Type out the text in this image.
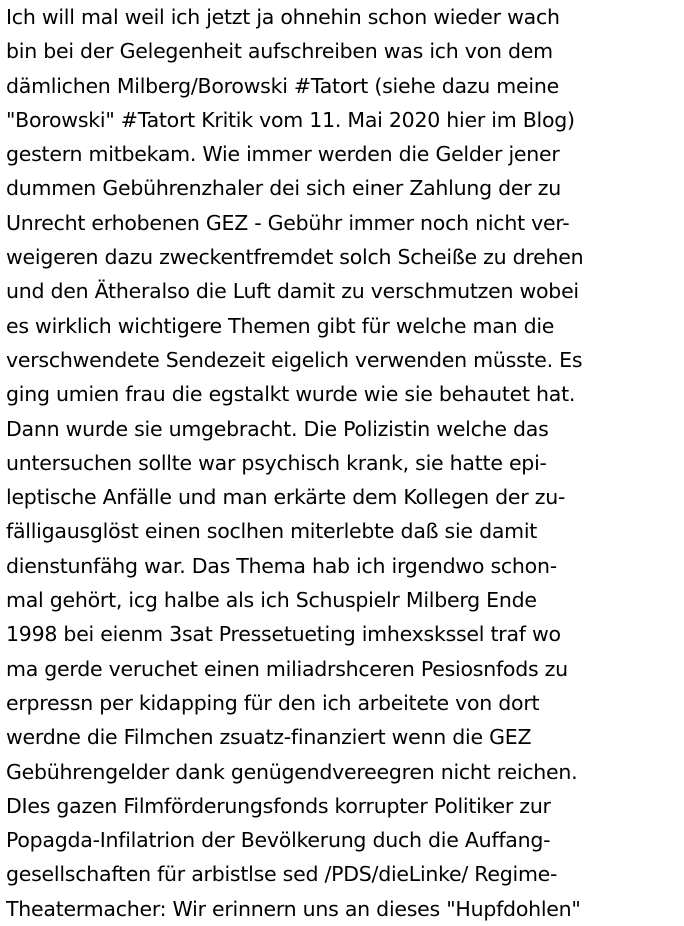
Ich will mal weil ich jetzt ja ohnehin schon wieder wach
bin bei der Gelegenheit aufschreiben was ich von dem
dämlichen Milberg/Borowski #Tatort (siehe dazu meine
"Borowski" #Tatort Kritik vom 11. Mai 2020 hier im Blog)
gestern mitbekam. Wie immer werden die Gelder jener
dummen Gebührenzhaler dei sich einer Zahlung der zu
Unrecht erhobenen GEZ - Gebühr immer noch nicht ver-
weigeren dazu zweckentfremdet solch Scheiße zu drehen
und den Ätheralso die Luft damit zu verschmutzen wobei
es wirklich wichtigere Themen gibt für welche man die
verschwendete Sendezeit eigelich verwenden müsste. Es
ging umien frau die egstalkt wurde wie sie behautet hat.
Dann wurde sie umgebracht. Die Polizistin welche das
untersuchen sollte war psychisch krank, sie hatte epi-
leptische Anfälle und man erkärte dem Kollegen der zu-
fälligausglöst einen soclhen miterlebte daß sie damit
dienstunfähg war. Das Thema hab ich irgendwo schon-
mal gehört, icg halbe als ich Schuspielr Milberg Ende
1998 bei eienm 3sat Pressetueting imhexskssel traf wo
ma gerde veruchet einen miliadrshceren Pesiosnfods zu
erpressn per kidapping für den ich arbeitete von dort
werdne die Filmchen zsuatz-finanziert wenn die GEZ
Gebührengelder dank genügendvereegren nicht reichen.
DIes gazen Filmförderungsfonds korrupter Politiker zur
Popagda-Infilatrion der Bevölkerung duch die Auffang-
gesellschaften für arbistlse sed /PDS/dieLinke/ Regime-
Theatermacher: Wir erinnern uns an dieses "Hupfdohlen"
